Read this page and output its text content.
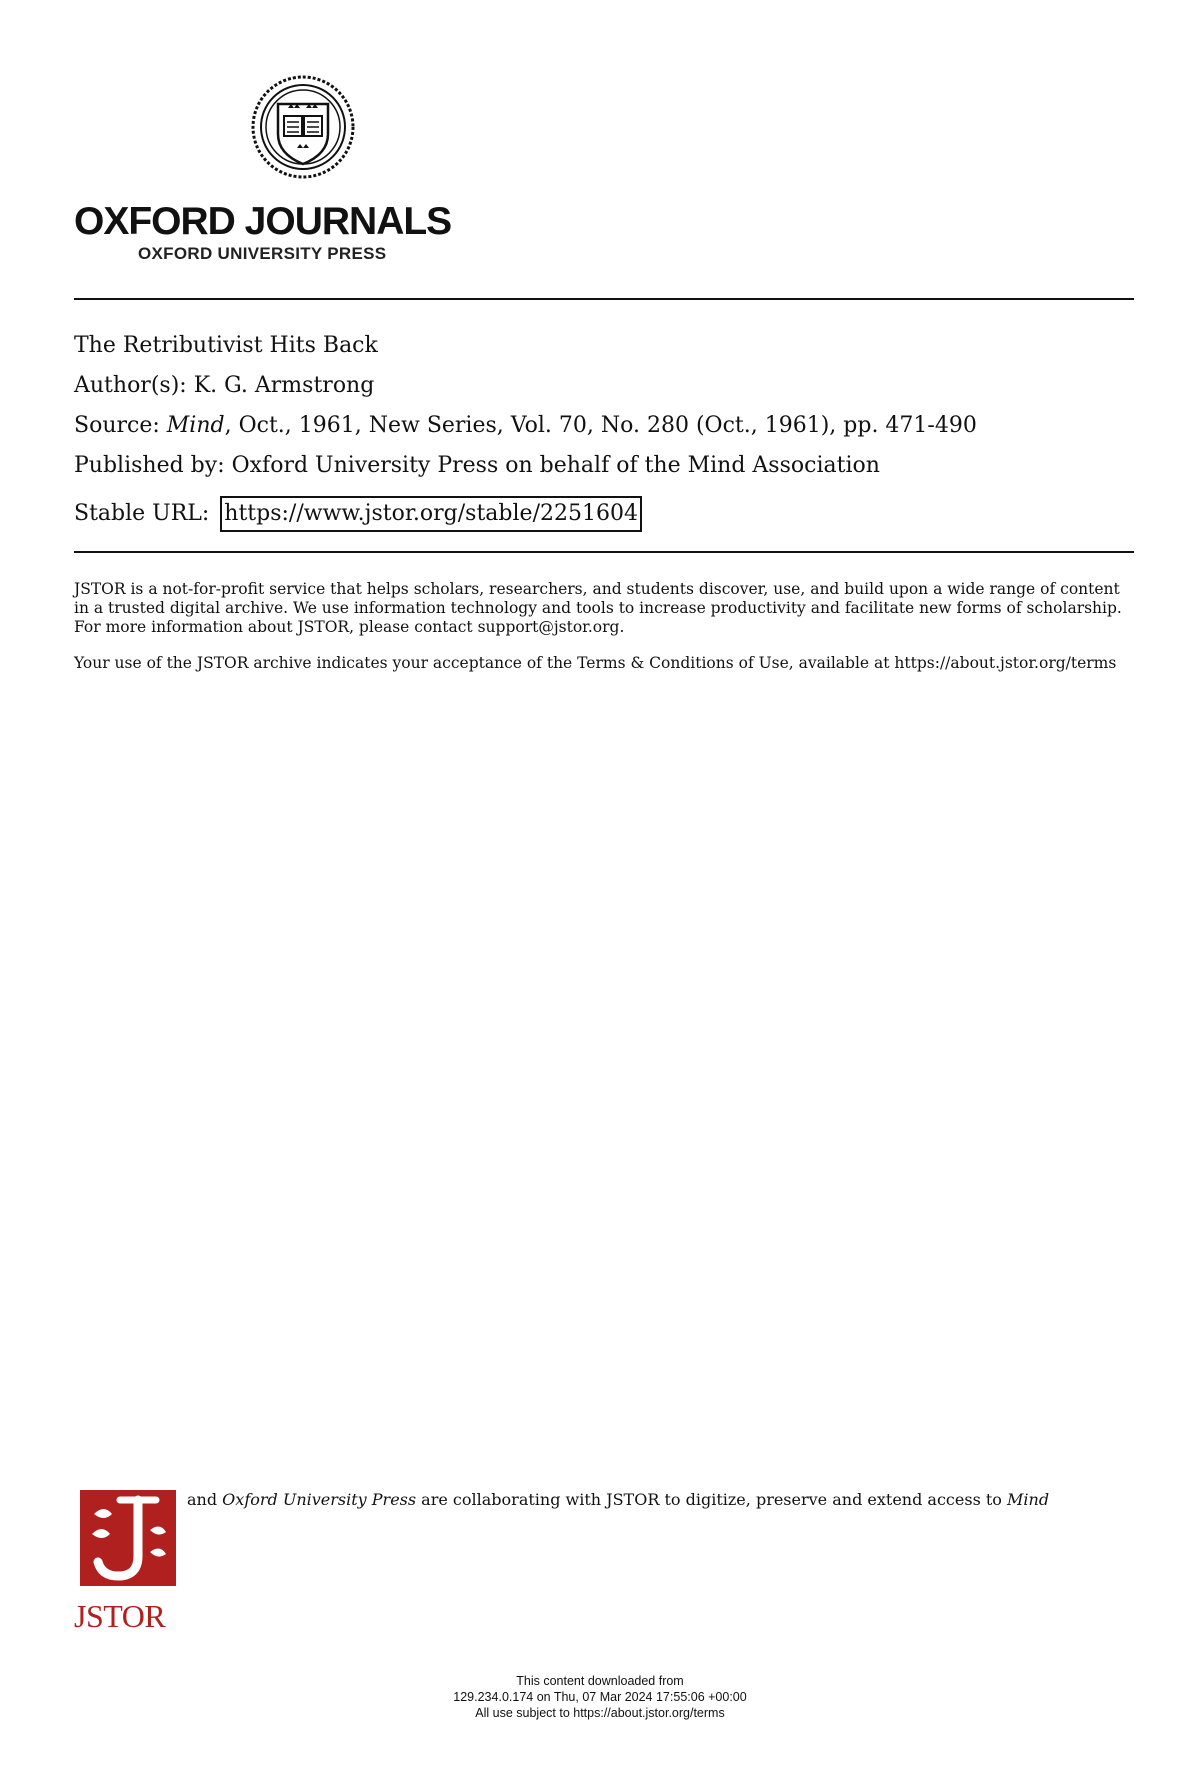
OXFORD JOURNALS
OXFORD UNIVERSITY PRESS
The Retributivist Hits Back
Author(s): K. G. Armstrong
Source: Mind, Oct., 1961, New Series, Vol. 70, No. 280 (Oct., 1961), pp. 471-490
Published by: Oxford University Press on behalf of the Mind Association
Stable URL: https://www.jstor.org/stable/2251604

JSTOR is a not-for-profit service that helps scholars, researchers, and students discover, use, and build upon a wide range of content in a trusted digital archive. We use information technology and tools to increase productivity and facilitate new forms of scholarship. For more information about JSTOR, please contact support@jstor.org.

Your use of the JSTOR archive indicates your acceptance of the Terms & Conditions of Use, available at https://about.jstor.org/terms

JSTOR
and Oxford University Press are collaborating with JSTOR to digitize, preserve and extend access to Mind
This content downloaded from
129.234.0.174 on Thu, 07 Mar 2024 17:55:06 +00:00
All use subject to https://about.jstor.org/terms
